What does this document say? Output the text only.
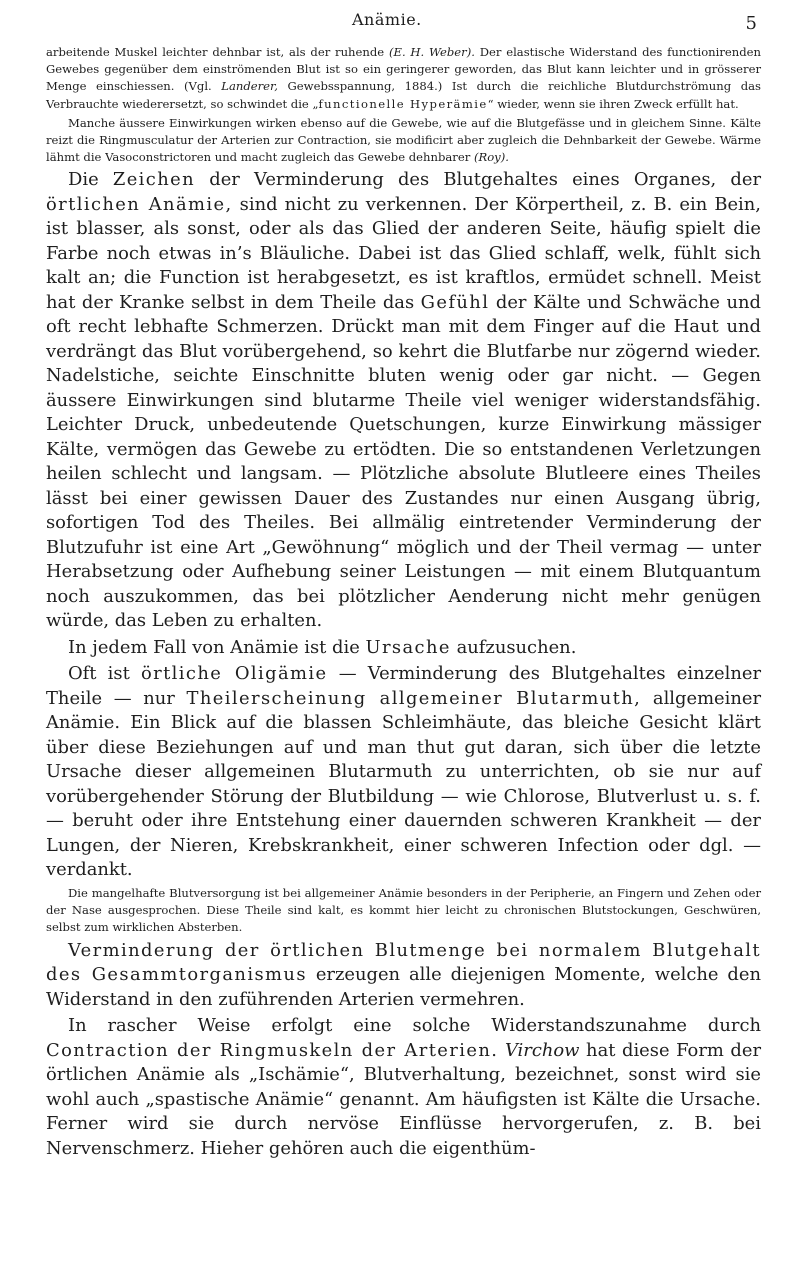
Anämie.	5

arbeitende Muskel leichter dehnbar ist, als der ruhende (E. H. Weber). Der elastische Widerstand des functionirenden Gewebes gegenüber dem einströmenden Blut ist so ein geringerer geworden, das Blut kann leichter und in grösserer Menge einschiessen. (Vgl. Landerer, Gewebsspannung, 1884.) Ist durch die reichliche Blutdurchströmung das Verbrauchte wiederersetzt, so schwindet die „functionelle Hyperämie“ wieder, wenn sie ihren Zweck erfüllt hat.

Manche äussere Einwirkungen wirken ebenso auf die Gewebe, wie auf die Blutgefässe und in gleichem Sinne. Kälte reizt die Ringmusculatur der Arterien zur Contraction, sie modificirt aber zugleich die Dehnbarkeit der Gewebe. Wärme lähmt die Vasoconstrictoren und macht zugleich das Gewebe dehnbarer (Roy).

Die Zeichen der Verminderung des Blutgehaltes eines Organes, der örtlichen Anämie, sind nicht zu verkennen. Der Körpertheil, z. B. ein Bein, ist blasser, als sonst, oder als das Glied der anderen Seite, häufig spielt die Farbe noch etwas in’s Bläuliche. Dabei ist das Glied schlaff, welk, fühlt sich kalt an; die Function ist herabgesetzt, es ist kraftlos, ermüdet schnell. Meist hat der Kranke selbst in dem Theile das Gefühl der Kälte und Schwäche und oft recht lebhafte Schmerzen. Drückt man mit dem Finger auf die Haut und verdrängt das Blut vorübergehend, so kehrt die Blutfarbe nur zögernd wieder. Nadelstiche, seichte Einschnitte bluten wenig oder gar nicht. — Gegen äussere Einwirkungen sind blutarme Theile viel weniger widerstandsfähig. Leichter Druck, unbedeutende Quetschungen, kurze Einwirkung mässiger Kälte, vermögen das Gewebe zu ertödten. Die so entstandenen Verletzungen heilen schlecht und langsam. — Plötzliche absolute Blutleere eines Theiles lässt bei einer gewissen Dauer des Zustandes nur einen Ausgang übrig, sofortigen Tod des Theiles. Bei allmälig eintretender Verminderung der Blutzufuhr ist eine Art „Gewöhnung“ möglich und der Theil vermag — unter Herabsetzung oder Aufhebung seiner Leistungen — mit einem Blutquantum noch auszukommen, das bei plötzlicher Aenderung nicht mehr genügen würde, das Leben zu erhalten.

In jedem Fall von Anämie ist die Ursache aufzusuchen.

Oft ist örtliche Oligämie — Verminderung des Blutgehaltes einzelner Theile — nur Theilerscheinung allgemeiner Blutarmuth, allgemeiner Anämie. Ein Blick auf die blassen Schleimhäute, das bleiche Gesicht klärt über diese Beziehungen auf und man thut gut daran, sich über die letzte Ursache dieser allgemeinen Blutarmuth zu unterrichten, ob sie nur auf vorübergehender Störung der Blutbildung — wie Chlorose, Blutverlust u. s. f. — beruht oder ihre Entstehung einer dauernden schweren Krankheit — der Lungen, der Nieren, Krebskrankheit, einer schweren Infection oder dgl. — verdankt.

Die mangelhafte Blutversorgung ist bei allgemeiner Anämie besonders in der Peripherie, an Fingern und Zehen oder der Nase ausgesprochen. Diese Theile sind kalt, es kommt hier leicht zu chronischen Blutstockungen, Geschwüren, selbst zum wirklichen Absterben.

Verminderung der örtlichen Blutmenge bei normalem Blutgehalt des Gesammtorganismus erzeugen alle diejenigen Momente, welche den Widerstand in den zuführenden Arterien vermehren.

In rascher Weise erfolgt eine solche Widerstandszunahme durch Contraction der Ringmuskeln der Arterien. Virchow hat diese Form der örtlichen Anämie als „Ischämie“, Blutverhaltung, bezeichnet, sonst wird sie wohl auch „spastische Anämie“ genannt. Am häufigsten ist Kälte die Ursache. Ferner wird sie durch nervöse Einflüsse hervorgerufen, z. B. bei Nervenschmerz. Hieher gehören auch die eigenthüm-
